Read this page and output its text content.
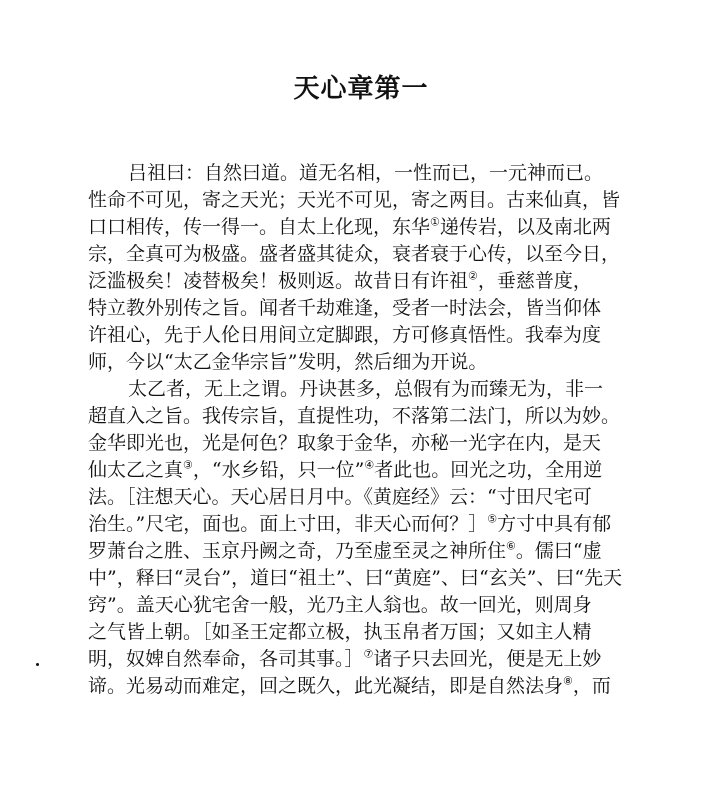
天心章第一
吕祖曰：自然曰道。道无名相，一性而已，一元神而已。
性命不可见，寄之天光；天光不可见，寄之两目。古来仙真，皆
口口相传，传一得一。自太上化现，东华①递传岩，以及南北两
宗，全真可为极盛。盛者盛其徒众，衰者衰于心传，以至今日，
泛滥极矣！凌替极矣！极则返。故昔日有许祖②，垂慈普度，
特立教外别传之旨。闻者千劫难逢，受者一时法会，皆当仰体
许祖心，先于人伦日用间立定脚跟，方可修真悟性。我奉为度
师，今以“太乙金华宗旨”发明，然后细为开说。
太乙者，无上之谓。丹诀甚多，总假有为而臻无为，非一
超直入之旨。我传宗旨，直提性功，不落第二法门，所以为妙。
金华即光也，光是何色？取象于金华，亦秘一光字在内，是天
仙太乙之真③，“水乡铅，只一位”④者此也。回光之功，全用逆
法。［注想天心。天心居日月中。《黄庭经》云：“寸田尺宅可
治生。”尺宅，面也。面上寸田，非天心而何？］⑤方寸中具有郁
罗萧台之胜、玉京丹阙之奇，乃至虚至灵之神所住⑥。儒曰“虚
中”，释曰“灵台”，道曰“祖土”、曰“黄庭”、曰“玄关”、曰“先天
窍”。盖天心犹宅舍一般，光乃主人翁也。故一回光，则周身
之气皆上朝。［如圣王定都立极，执玉帛者万国；又如主人精
明，奴婢自然奉命，各司其事。］⑦诸子只去回光，便是无上妙
谛。光易动而难定，回之既久，此光凝结，即是自然法身⑧，而
